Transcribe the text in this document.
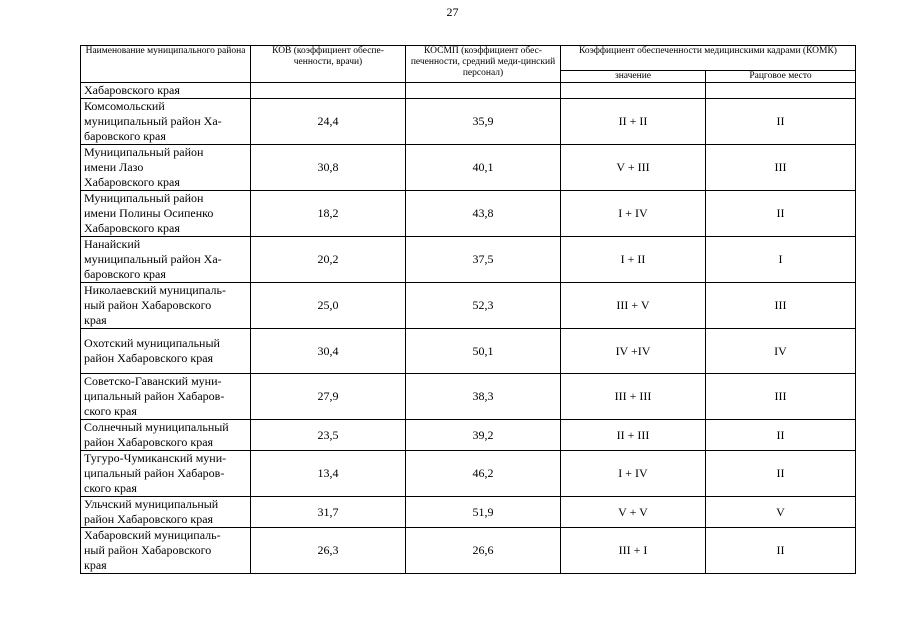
27
Наименование муниципального района	КОВ (коэффициент обеспе-ченности, врачи)	КОСМП (коэффициент обес-печенности, средний меди-цинский персонал)	Коэффициент обеспеченности медицинскими кадрами (КОМК)	
			значение	Рацговое место
Хабаровского края				
Комсомольский
муниципальный район Ха-
баровского края	24,4	35,9	II + II	II
Муниципальный район
имени Лазо
Хабаровского края	30,8	40,1	V + III	III
Муниципальный район
имени Полины Осипенко
Хабаровского края	18,2	43,8	I + IV	II
Нанайский
муниципальный район Ха-
баровского края	20,2	37,5	I + II	I
Николаевский муниципаль-
ный район Хабаровского
края	25,0	52,3	III + V	III
Охотский муниципальный
район Хабаровского края	30,4	50,1	IV +IV	IV
Советско-Гаванский муни-
ципальный район Хабаров-
ского края	27,9	38,3	III + III	III
Солнечный муниципальный
район Хабаровского края	23,5	39,2	II + III	II
Тугуро-Чумиканский муни-
ципальный район Хабаров-
ского края	13,4	46,2	I + IV	II
Ульчский муниципальный
район Хабаровского края	31,7	51,9	V + V	V
Хабаровский муниципаль-
ный район Хабаровского
края	26,3	26,6	III + I	II
